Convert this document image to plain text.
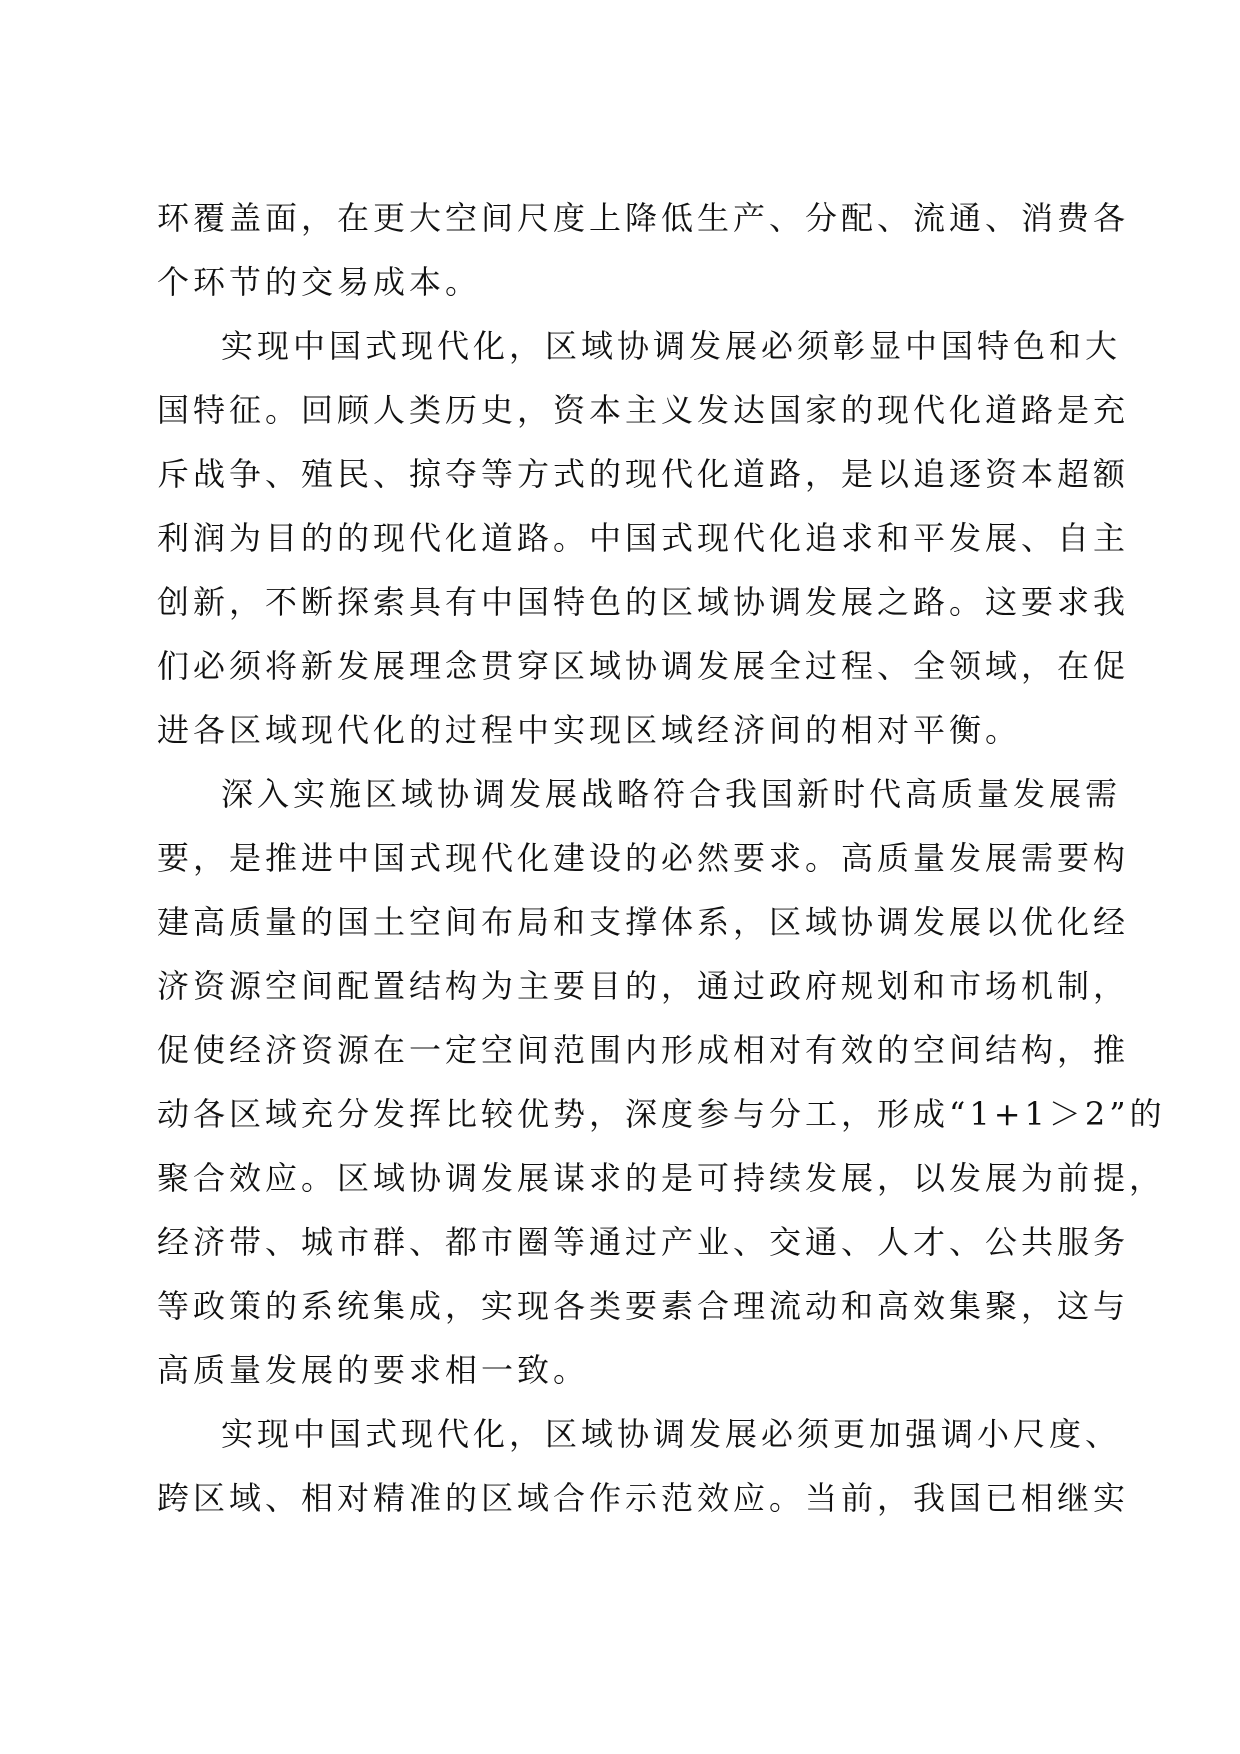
环覆盖面，在更大空间尺度上降低生产、分配、流通、消费各
个环节的交易成本。
实现中国式现代化，区域协调发展必须彰显中国特色和大
国特征。回顾人类历史，资本主义发达国家的现代化道路是充
斥战争、殖民、掠夺等方式的现代化道路，是以追逐资本超额
利润为目的的现代化道路。中国式现代化追求和平发展、自主
创新，不断探索具有中国特色的区域协调发展之路。这要求我
们必须将新发展理念贯穿区域协调发展全过程、全领域，在促
进各区域现代化的过程中实现区域经济间的相对平衡。
深入实施区域协调发展战略符合我国新时代高质量发展需
要，是推进中国式现代化建设的必然要求。高质量发展需要构
建高质量的国土空间布局和支撑体系，区域协调发展以优化经
济资源空间配置结构为主要目的，通过政府规划和市场机制，
促使经济资源在一定空间范围内形成相对有效的空间结构，推
动各区域充分发挥比较优势，深度参与分工，形成“1+1＞2”的
聚合效应。区域协调发展谋求的是可持续发展，以发展为前提，
经济带、城市群、都市圈等通过产业、交通、人才、公共服务
等政策的系统集成，实现各类要素合理流动和高效集聚，这与
高质量发展的要求相一致。
实现中国式现代化，区域协调发展必须更加强调小尺度、
跨区域、相对精准的区域合作示范效应。当前，我国已相继实
